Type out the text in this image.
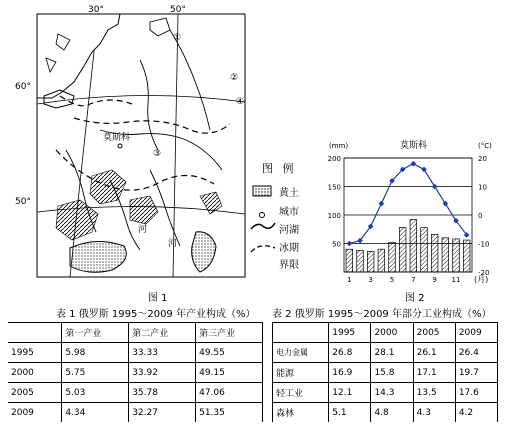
30°	50°
60°
50°
莫斯科
①
②
③
④
河
河
图 1
图 例
黄土
城市
河湖
冰期
界限
莫斯科
(mm)	(°C)
(月)
50
100
150
200
-20
-10
0
10
20
1 3 5 7 9 11
图 2
表 1 俄罗斯 1995～2009 年产业构成（%）
	第一产业	第二产业	第三产业
1995	5.98	33.33	49.55
2000	5.75	33.92	49.15
2005	5.03	35.78	47.06
2009	4.34	32.27	51.35
表 2 俄罗斯 1995～2009 年部分工业构成（%）
	1995	2000	2005	2009
电力金属	26.8	28.1	26.1	26.4
能源	16.9	15.8	17.1	19.7
轻工业	12.1	14.3	13.5	17.6
森林	5.1	4.8	4.3	4.2
